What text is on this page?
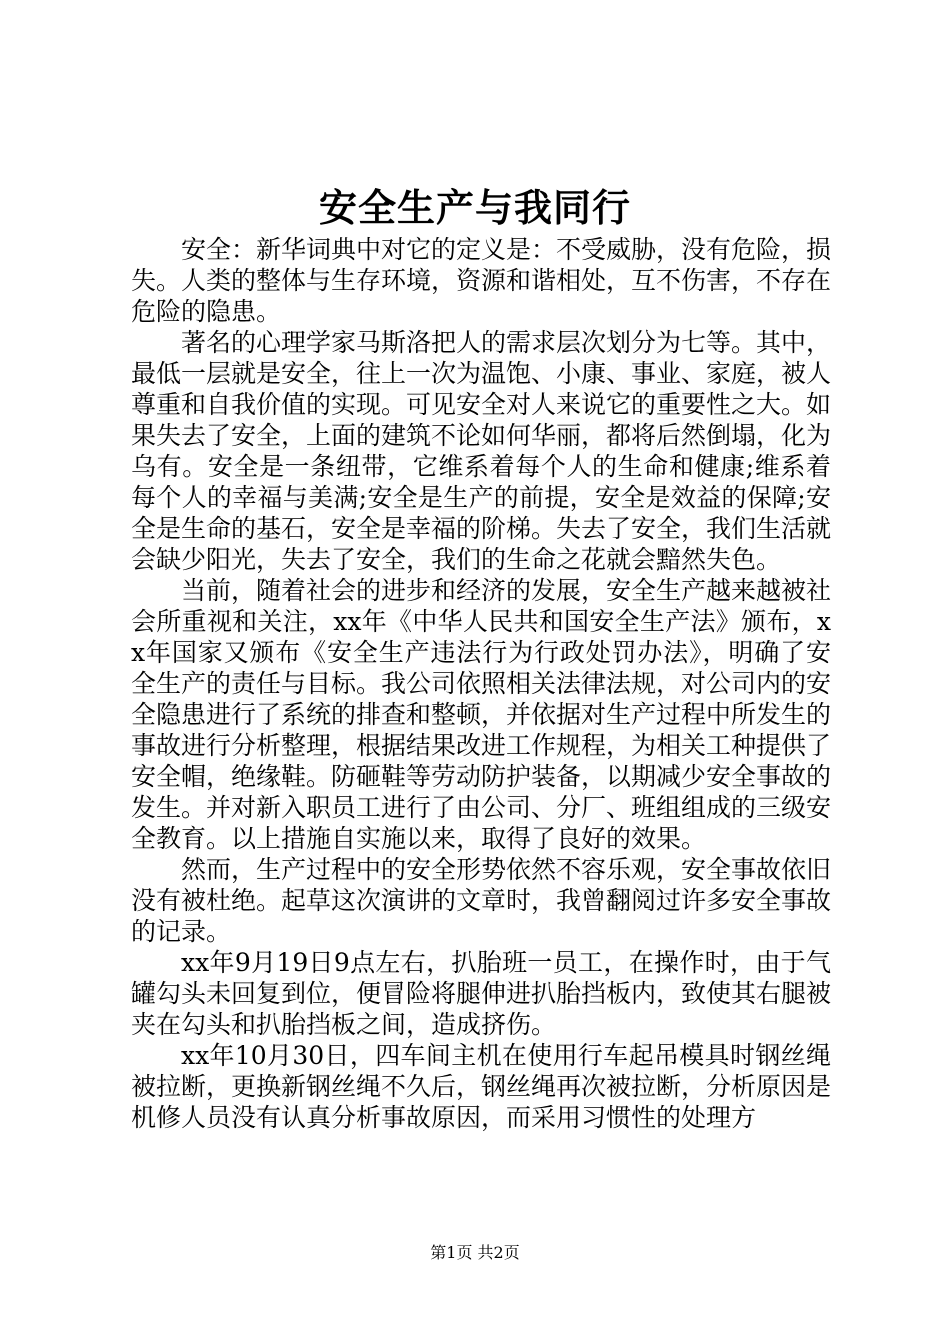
安全生产与我同行

安全：新华词典中对它的定义是：不受威胁，没有危险，损失。人类的整体与生存环境，资源和谐相处，互不伤害，不存在危险的隐患。

著名的心理学家马斯洛把人的需求层次划分为七等。其中，最低一层就是安全，往上一次为温饱、小康、事业、家庭，被人尊重和自我价值的实现。可见安全对人来说它的重要性之大。如果失去了安全，上面的建筑不论如何华丽，都将后然倒塌，化为乌有。安全是一条纽带，它维系着每个人的生命和健康;维系着每个人的幸福与美满;安全是生产的前提，安全是效益的保障;安全是生命的基石，安全是幸福的阶梯。失去了安全，我们生活就会缺少阳光，失去了安全，我们的生命之花就会黯然失色。

当前，随着社会的进步和经济的发展，安全生产越来越被社会所重视和关注，xx年《中华人民共和国安全生产法》颁布，xx年国家又颁布《安全生产违法行为行政处罚办法》，明确了安全生产的责任与目标。我公司依照相关法律法规，对公司内的安全隐患进行了系统的排查和整顿，并依据对生产过程中所发生的事故进行分析整理，根据结果改进工作规程，为相关工种提供了安全帽，绝缘鞋。防砸鞋等劳动防护装备，以期减少安全事故的发生。并对新入职员工进行了由公司、分厂、班组组成的三级安全教育。以上措施自实施以来，取得了良好的效果。

然而，生产过程中的安全形势依然不容乐观，安全事故依旧没有被杜绝。起草这次演讲的文章时，我曾翻阅过许多安全事故的记录。

xx年9月19日9点左右，扒胎班一员工，在操作时，由于气罐勾头未回复到位，便冒险将腿伸进扒胎挡板内，致使其右腿被夹在勾头和扒胎挡板之间，造成挤伤。

xx年10月30日，四车间主机在使用行车起吊模具时钢丝绳被拉断，更换新钢丝绳不久后，钢丝绳再次被拉断，分析原因是机修人员没有认真分析事故原因，而采用习惯性的处理方

第1页 共2页
